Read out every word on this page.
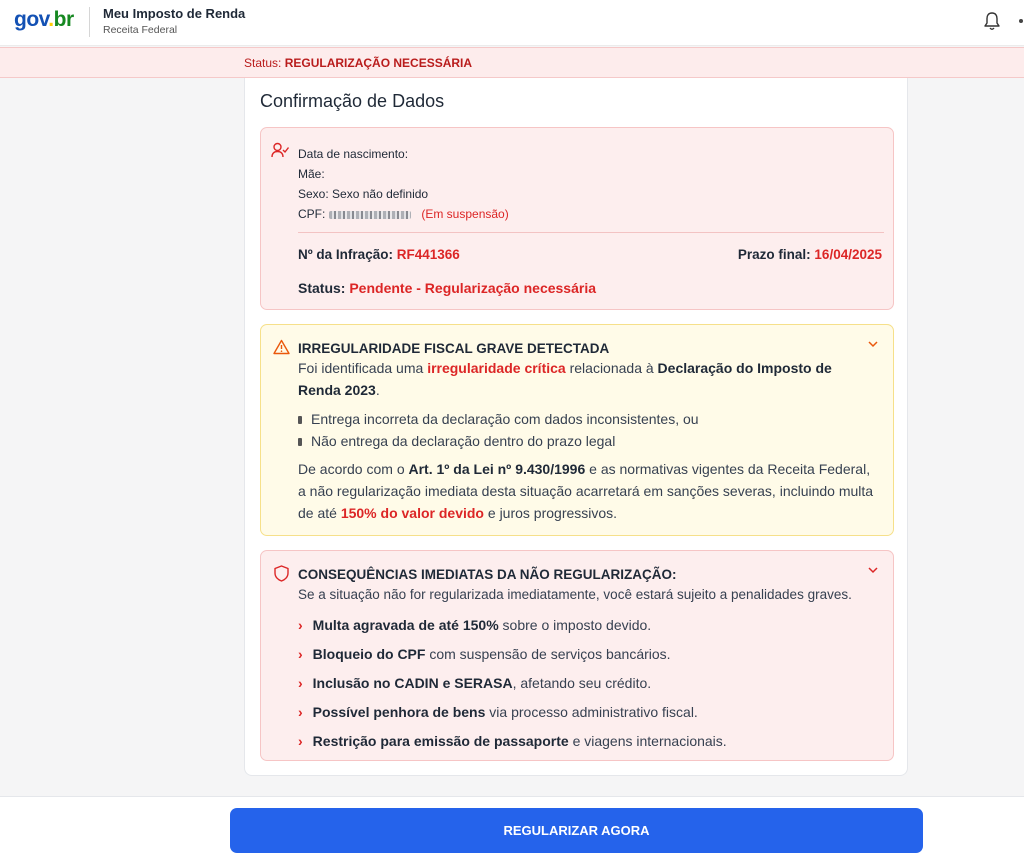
gov.br Meu Imposto de Renda
Receita Federal
Status: REGULARIZAÇÃO NECESSÁRIA
Confirmação de Dados
Data de nascimento:
Mãe:
Sexo: Sexo não definido
CPF:	(Em suspensão)
Nº da Infração: RF441366	Prazo final: 16/04/2025
Status: Pendente - Regularização necessária
IRREGULARIDADE FISCAL GRAVE DETECTADA
Foi identificada uma irregularidade crítica relacionada à Declaração do Imposto de Renda 2023.
Entrega incorreta da declaração com dados inconsistentes, ou
Não entrega da declaração dentro do prazo legal
De acordo com o Art. 1º da Lei nº 9.430/1996 e as normativas vigentes da Receita Federal, a não regularização imediata desta situação acarretará em sanções severas, incluindo multa de até 150% do valor devido e juros progressivos.
CONSEQUÊNCIAS IMEDIATAS DA NÃO REGULARIZAÇÃO:
Se a situação não for regularizada imediatamente, você estará sujeito a penalidades graves.
› Multa agravada de até 150% sobre o imposto devido.
› Bloqueio do CPF com suspensão de serviços bancários.
› Inclusão no CADIN e SERASA, afetando seu crédito.
› Possível penhora de bens via processo administrativo fiscal.
› Restrição para emissão de passaporte e viagens internacionais.
REGULARIZAR AGORA
